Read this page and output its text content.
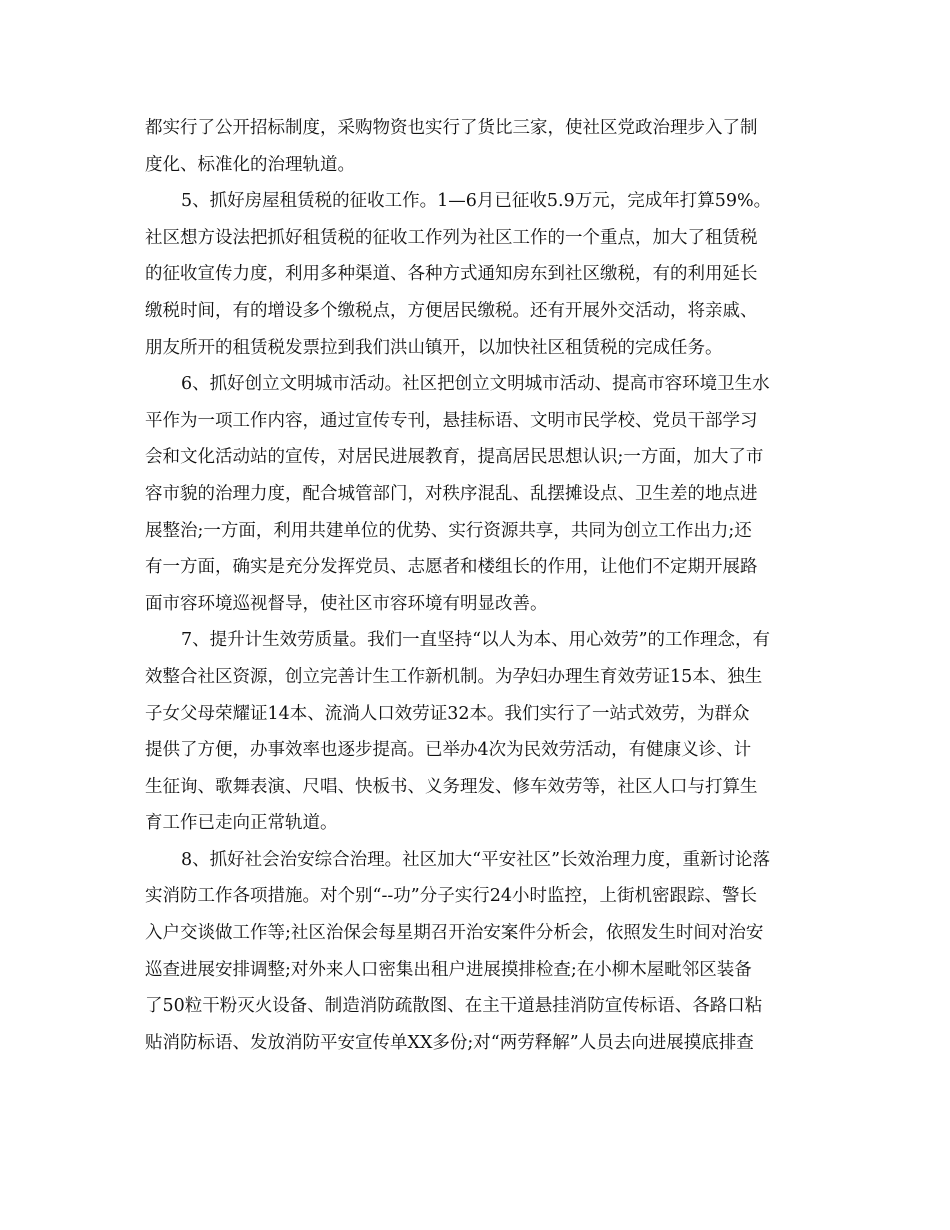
都实行了公开招标制度，采购物资也实行了货比三家，使社区党政治理步入了制
度化、标准化的治理轨道。
5、抓好房屋租赁税的征收工作。1—6月已征收5.9万元，完成年打算59%。
社区想方设法把抓好租赁税的征收工作列为社区工作的一个重点，加大了租赁税
的征收宣传力度，利用多种渠道、各种方式通知房东到社区缴税，有的利用延长
缴税时间，有的增设多个缴税点，方便居民缴税。还有开展外交活动，将亲戚、
朋友所开的租赁税发票拉到我们洪山镇开，以加快社区租赁税的完成任务。
6、抓好创立文明城市活动。社区把创立文明城市活动、提高市容环境卫生水
平作为一项工作内容，通过宣传专刊，悬挂标语、文明市民学校、党员干部学习
会和文化活动站的宣传，对居民进展教育，提高居民思想认识;一方面，加大了市
容市貌的治理力度，配合城管部门，对秩序混乱、乱摆摊设点、卫生差的地点进
展整治;一方面，利用共建单位的优势、实行资源共享，共同为创立工作出力;还
有一方面，确实是充分发挥党员、志愿者和楼组长的作用，让他们不定期开展路
面市容环境巡视督导，使社区市容环境有明显改善。
7、提升计生效劳质量。我们一直坚持“以人为本、用心效劳”的工作理念，有
效整合社区资源，创立完善计生工作新机制。为孕妇办理生育效劳证15本、独生
子女父母荣耀证14本、流淌人口效劳证32本。我们实行了一站式效劳，为群众
提供了方便，办事效率也逐步提高。已举办4次为民效劳活动，有健康义诊、计
生征询、歌舞表演、尺唱、快板书、义务理发、修车效劳等，社区人口与打算生
育工作已走向正常轨道。
8、抓好社会治安综合治理。社区加大“平安社区”长效治理力度，重新讨论落
实消防工作各项措施。对个别“--功”分子实行24小时监控，上街机密跟踪、警长
入户交谈做工作等;社区治保会每星期召开治安案件分析会，依照发生时间对治安
巡查进展安排调整;对外来人口密集出租户进展摸排检查;在小柳木屋毗邻区装备
了50粒干粉灭火设备、制造消防疏散图、在主干道悬挂消防宣传标语、各路口粘
贴消防标语、发放消防平安宣传单XX多份;对“两劳释解”人员去向进展摸底排查
